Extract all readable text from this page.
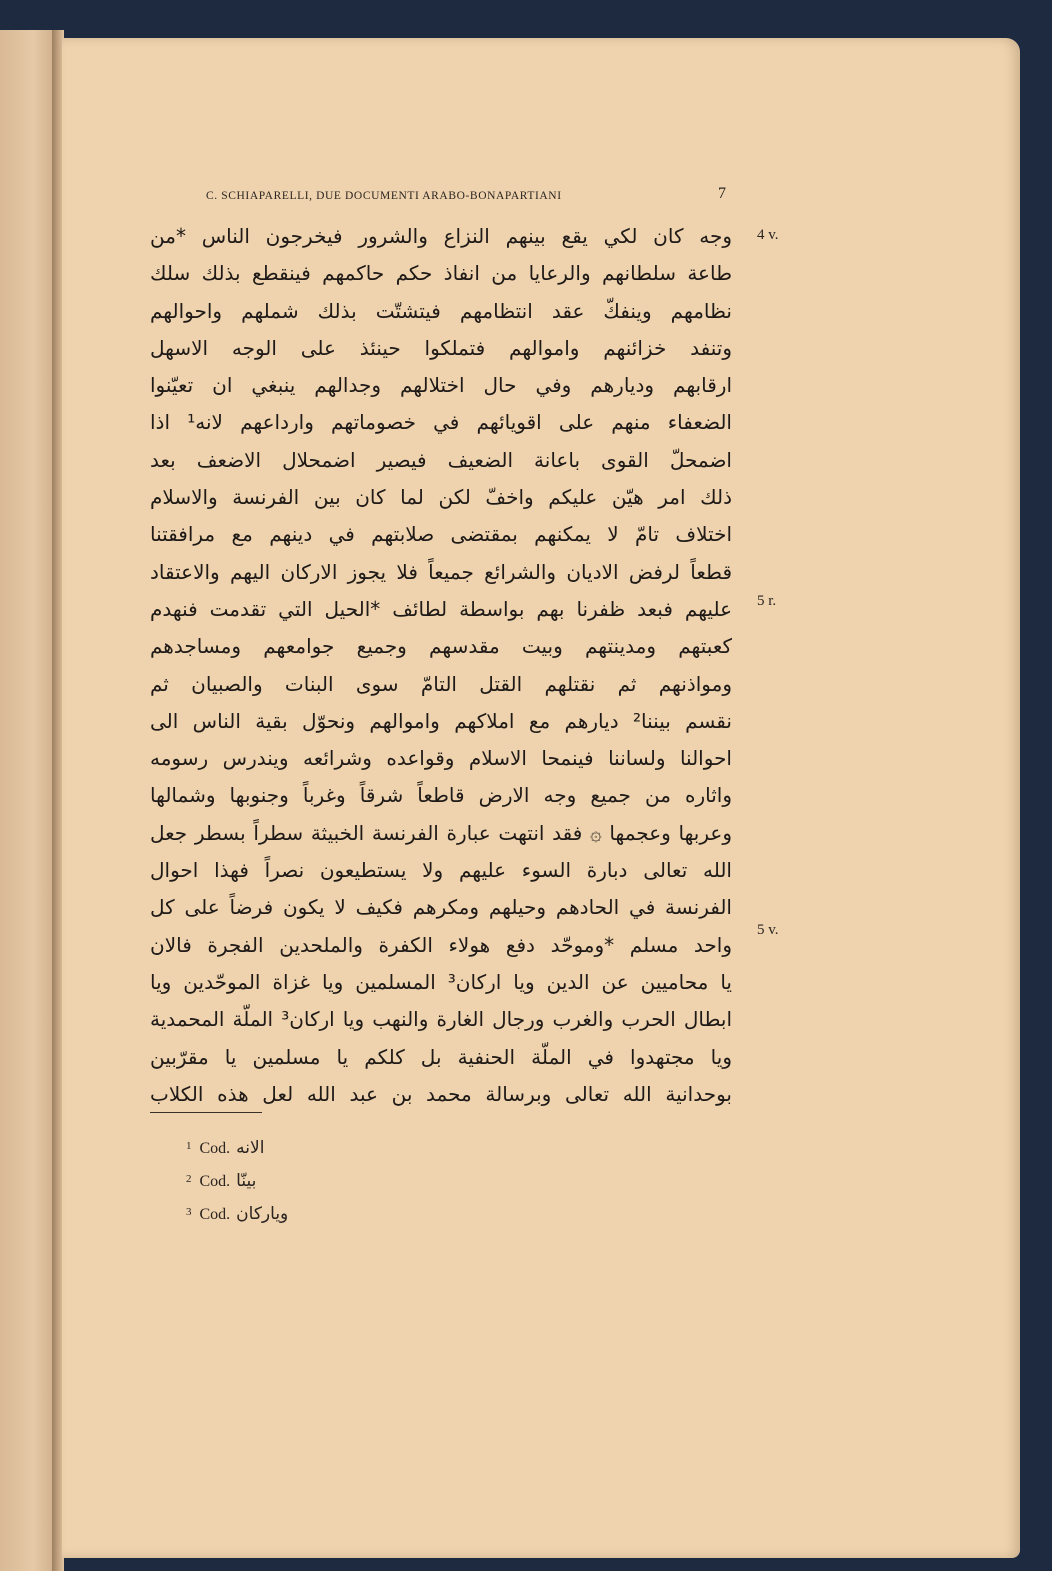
C. SCHIAPARELLI, DUE DOCUMENTI ARABO-BONAPARTIANI	7
4 v.
5 r.
5 v.
وجه كان لكي يقع بينهم النزاع والشرور فيخرجون الناس *من
طاعة سلطانهم والرعايا من انفاذ حكم حاكمهم فينقطع بذلك سلك
نظامهم وينفكّ عقد انتظامهم فيتشتّت بذلك شملهم واحوالهم
وتنفد خزائنهم واموالهم فتملكوا حينئذ على الوجه الاسهل
ارقابهم وديارهم وفي حال اختلالهم وجدالهم ينبغي ان تعيّنوا
الضعفاء منهم على اقويائهم في خصوماتهم وارداعهم لانه¹ اذا
اضمحلّ القوى باعانة الضعيف فيصير اضمحلال الاضعف بعد
ذلك امر هيّن عليكم واخفّ لكن لما كان بين الفرنسة والاسلام
اختلاف تامّ لا يمكنهم بمقتضى صلابتهم في دينهم مع مرافقتنا
قطعاً لرفض الاديان والشرائع جميعاً فلا يجوز الاركان اليهم والاعتقاد
عليهم فبعد ظفرنا بهم بواسطة لطائف *الحيل التي تقدمت فنهدم
كعبتهم ومدينتهم وبيت مقدسهم وجميع جوامعهم ومساجدهم
ومواذنهم ثم نقتلهم القتل التامّ سوى البنات والصبيان ثم
نقسم بيننا² ديارهم مع املاكهم واموالهم ونحوّل بقية الناس الى
احوالنا ولساننا فينمحا الاسلام وقواعده وشرائعه ويندرس رسومه
واثاره من جميع وجه الارض قاطعاً شرقاً وغرباً وجنوبها وشمالها
وعربها وعجمها ۞ فقد انتهت عبارة الفرنسة الخبيثة سطراً بسطر جعل
الله تعالى دبارة السوء عليهم ولا يستطيعون نصراً فهذا احوال
الفرنسة في الحادهم وحيلهم ومكرهم فكيف لا يكون فرضاً على كل
واحد مسلم *وموحّد دفع هولاء الكفرة والملحدين الفجرة فالان
يا محاميين عن الدين ويا اركان³ المسلمين ويا غزاة الموحّدين ويا
ابطال الحرب والغرب ورجال الغارة والنهب ويا اركان³ الملّة المحمدية
ويا مجتهدوا في الملّة الحنفية بل كلكم يا مسلمين يا مقرّبين
بوحدانية الله تعالى وبرسالة محمد بن عبد الله لعل هذه الكلاب
$^1$ Cod. الانه
$^2$ Cod. بينّا
$^3$ Cod. وياركان
